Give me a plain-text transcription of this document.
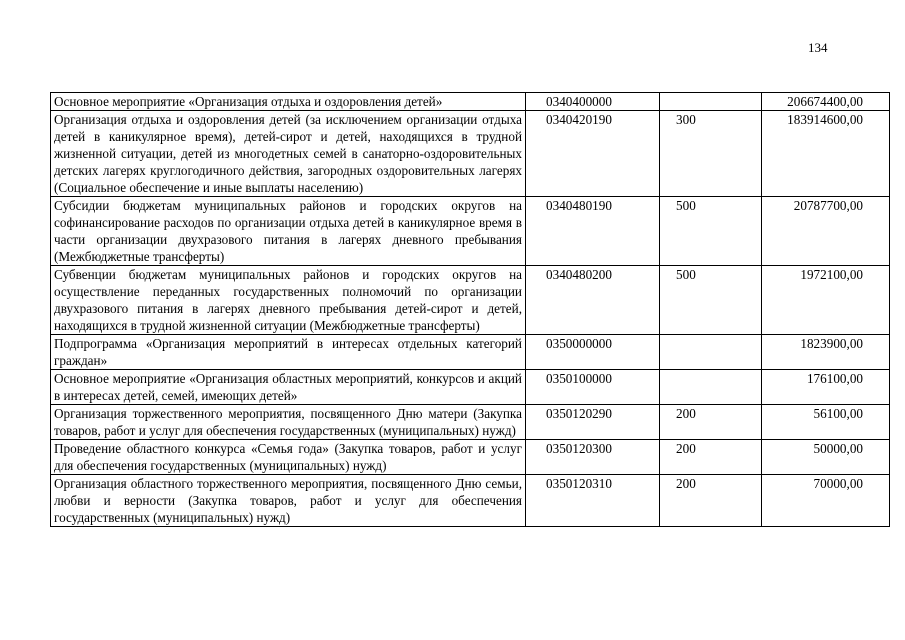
134
Основное мероприятие «Организация отдыха и оздоровления детей»	0340400000		206674400,00
Организация отдыха и оздоровления детей (за исключением организации отдыха детей в каникулярное время), детей-сирот и детей, находящихся в трудной жизненной ситуации, детей из многодетных семей в санаторно-оздоровительных детских лагерях круглогодичного действия, загородных оздоровительных лагерях (Социальное обеспечение и иные выплаты населению)	0340420190	300	183914600,00
Субсидии бюджетам муниципальных районов и городских округов на софинансирование расходов по организации отдыха детей в каникулярное время в части организации двухразового питания в лагерях дневного пребывания (Межбюджетные трансферты)	0340480190	500	20787700,00
Субвенции бюджетам муниципальных районов и городских округов на осуществление переданных государственных полномочий по организации двухразового питания в лагерях дневного пребывания детей-сирот и детей, находящихся в трудной жизненной ситуации (Межбюджетные трансферты)	0340480200	500	1972100,00
Подпрограмма «Организация мероприятий в интересах отдельных категорий граждан»	0350000000		1823900,00
Основное мероприятие «Организация областных мероприятий, конкурсов и акций в интересах детей, семей, имеющих детей»	0350100000		176100,00
Организация торжественного мероприятия, посвященного Дню матери (Закупка товаров, работ и услуг для обеспечения государственных (муниципальных) нужд)	0350120290	200	56100,00
Проведение областного конкурса «Семья года» (Закупка товаров, работ и услуг для обеспечения государственных (муниципальных) нужд)	0350120300	200	50000,00
Организация областного торжественного мероприятия, посвященного Дню семьи, любви и верности (Закупка товаров, работ и услуг для обеспечения государственных (муниципальных) нужд)	0350120310	200	70000,00
